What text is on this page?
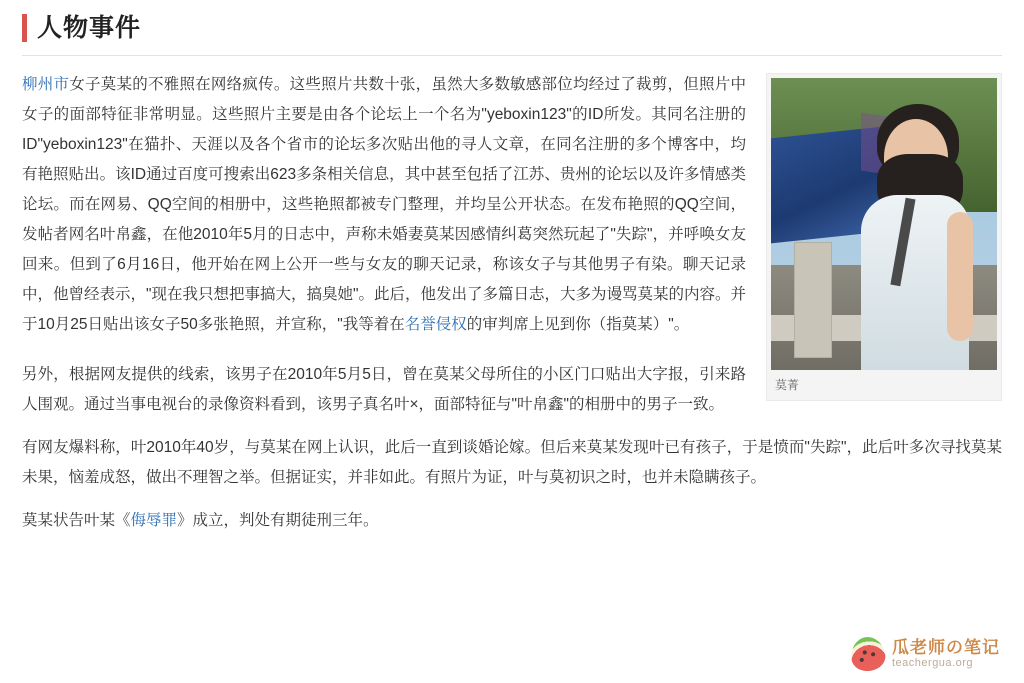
人物事件
莫菁

柳州市女子莫某的不雅照在网络疯传。这些照片共数十张，虽然大多数敏感部位均经过了裁剪，但照片中女子的面部特征非常明显。这些照片主要是由各个论坛上一个名为"yeboxin123"的ID所发。其同名注册的ID"yeboxin123"在猫扑、天涯以及各个省市的论坛多次贴出他的寻人文章，在同名注册的多个博客中，均有艳照贴出。该ID通过百度可搜索出623多条相关信息，其中甚至包括了江苏、贵州的论坛以及许多情感类论坛。而在网易、QQ空间的相册中，这些艳照都被专门整理，并均呈公开状态。在发布艳照的QQ空间，发帖者网名叶帛鑫，在他2010年5月的日志中，声称未婚妻莫某因感情纠葛突然玩起了"失踪"，并呼唤女友回来。但到了6月16日，他开始在网上公开一些与女友的聊天记录，称该女子与其他男子有染。聊天记录中，他曾经表示，"现在我只想把事搞大，搞臭她"。此后，他发出了多篇日志，大多为谩骂莫某的内容。并于10月25日贴出该女子50多张艳照，并宣称，"我等着在名誉侵权的审判席上见到你（指莫某）"。

另外，根据网友提供的线索，该男子在2010年5月5日，曾在莫某父母所住的小区门口贴出大字报，引来路人围观。通过当事电视台的录像资料看到，该男子真名叶×，面部特征与"叶帛鑫"的相册中的男子一致。

有网友爆料称，叶2010年40岁，与莫某在网上认识，此后一直到谈婚论嫁。但后来莫某发现叶已有孩子，于是愤而"失踪"，此后叶多次寻找莫某未果，恼羞成怒，做出不理智之举。但据证实，并非如此。有照片为证，叶与莫初识之时，也并未隐瞒孩子。

莫某状告叶某《侮辱罪》成立，判处有期徒刑三年。

瓜老师の笔记
teachergua.org
